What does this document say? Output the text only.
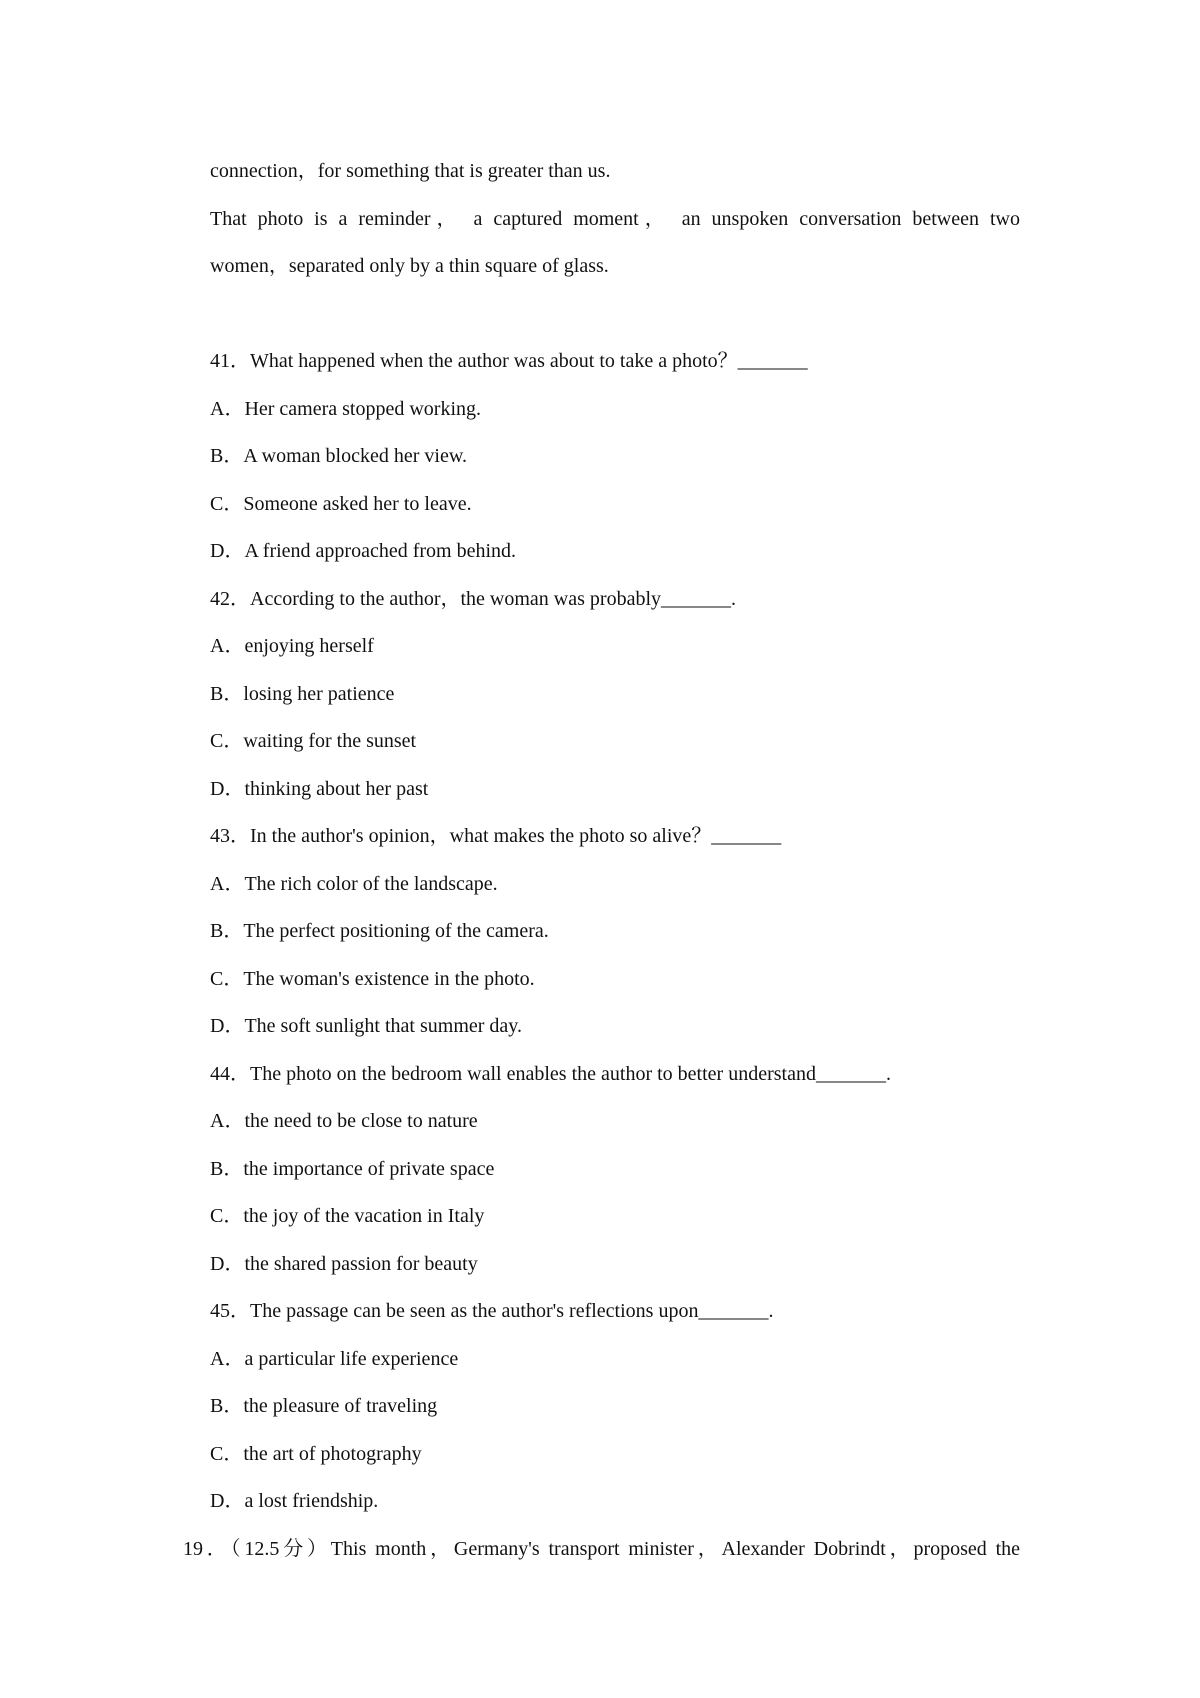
connection，for something that is greater than us.
That photo is a reminder， a captured moment， an unspoken conversation between two
women，separated only by a thin square of glass.
41．What happened when the author was about to take a photo？_______
A．Her camera stopped working.
B．A woman blocked her view.
C．Someone asked her to leave.
D．A friend approached from behind.
42．According to the author，the woman was probably_______.
A．enjoying herself
B．losing her patience
C．waiting for the sunset
D．thinking about her past
43．In the author's opinion，what makes the photo so alive？_______
A．The rich color of the landscape.
B．The perfect positioning of the camera.
C．The woman's existence in the photo.
D．The soft sunlight that summer day.
44．The photo on the bedroom wall enables the author to better understand_______.
A．the need to be close to nature
B．the importance of private space
C．the joy of the vacation in Italy
D．the shared passion for beauty
45．The passage can be seen as the author's reflections upon_______.
A．a particular life experience
B．the pleasure of traveling
C．the art of photography
D．a lost friendship.
19．（12.5分）This month，Germany's transport minister，Alexander Dobrindt，proposed the
